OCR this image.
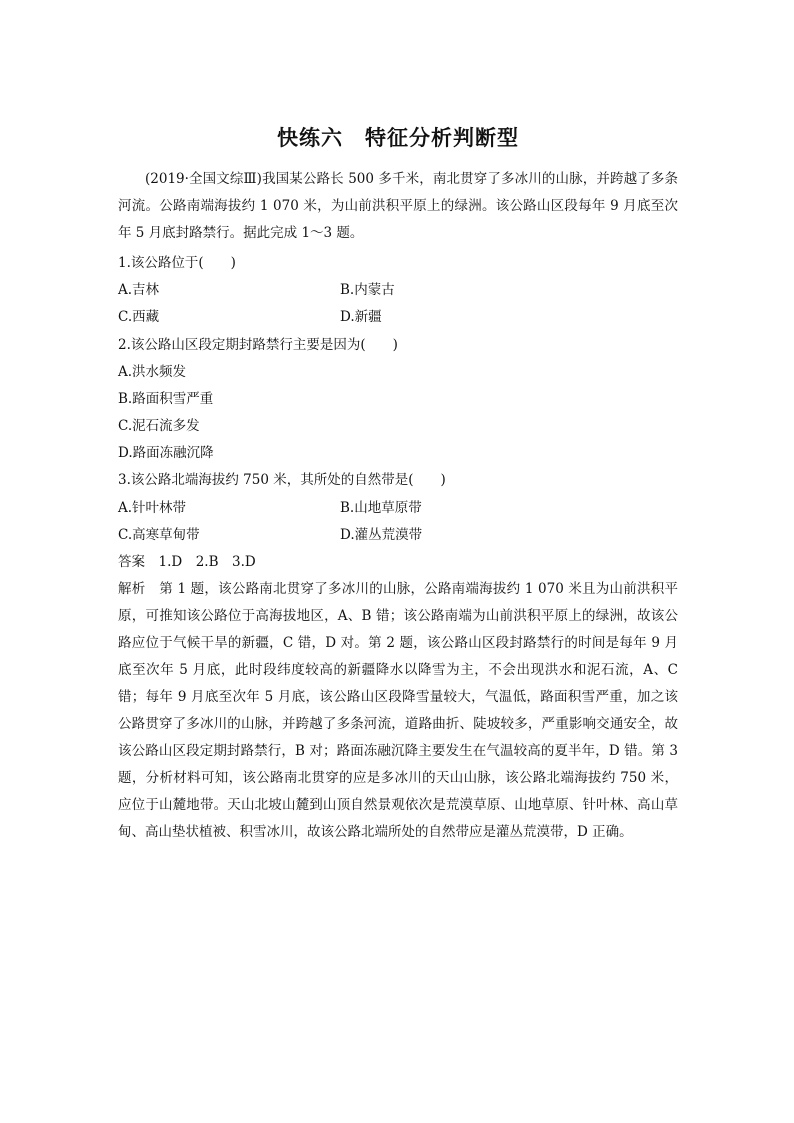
快练六　特征分析判断型
(2019·全国文综Ⅲ)我国某公路长 500 多千米，南北贯穿了多冰川的山脉，并跨越了多条河流。公路南端海拔约 1 070 米，为山前洪积平原上的绿洲。该公路山区段每年 9 月底至次年 5 月底封路禁行。据此完成 1～3 题。
1.该公路位于(　　)
A.吉林	B.内蒙古
C.西藏	D.新疆
2.该公路山区段定期封路禁行主要是因为(　　)
A.洪水频发
B.路面积雪严重
C.泥石流多发
D.路面冻融沉降
3.该公路北端海拔约 750 米，其所处的自然带是(　　)
A.针叶林带	B.山地草原带
C.高寒草甸带	D.灌丛荒漠带
答案　1.D　2.B　3.D
解析　第 1 题，该公路南北贯穿了多冰川的山脉，公路南端海拔约 1 070 米且为山前洪积平原，可推知该公路位于高海拔地区，A、B 错；该公路南端为山前洪积平原上的绿洲，故该公路应位于气候干旱的新疆，C 错，D 对。第 2 题，该公路山区段封路禁行的时间是每年 9 月底至次年 5 月底，此时段纬度较高的新疆降水以降雪为主，不会出现洪水和泥石流，A、C 错；每年 9 月底至次年 5 月底，该公路山区段降雪量较大，气温低，路面积雪严重，加之该公路贯穿了多冰川的山脉，并跨越了多条河流，道路曲折、陡坡较多，严重影响交通安全，故该公路山区段定期封路禁行，B 对；路面冻融沉降主要发生在气温较高的夏半年，D 错。第 3 题，分析材料可知，该公路南北贯穿的应是多冰川的天山山脉，该公路北端海拔约 750 米，应位于山麓地带。天山北坡山麓到山顶自然景观依次是荒漠草原、山地草原、针叶林、高山草甸、高山垫状植被、积雪冰川，故该公路北端所处的自然带应是灌丛荒漠带，D 正确。
